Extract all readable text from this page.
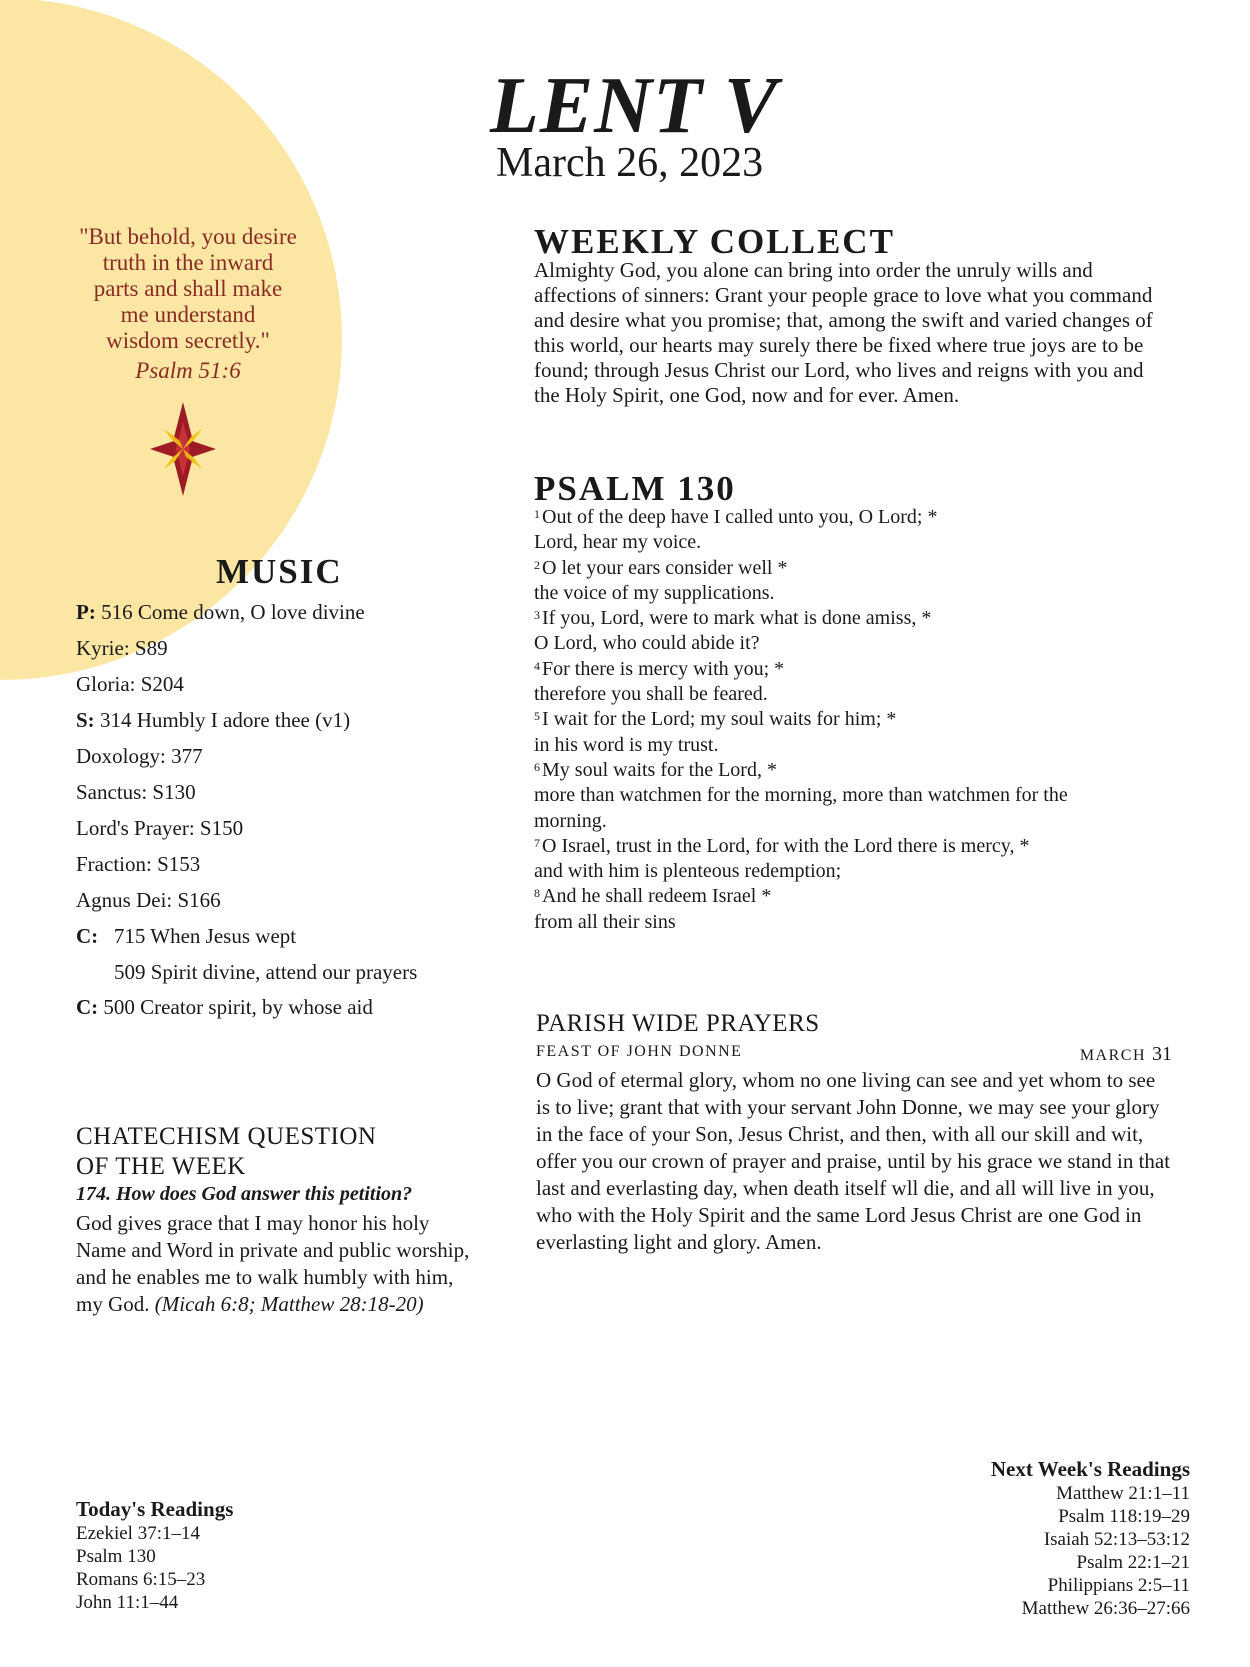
LENT V
March 26, 2023
"But behold, you desire
truth in the inward
parts and shall make
me understand
wisdom secretly."
Psalm 51:6
MUSIC
P: 516 Come down, O love divine
Kyrie: S89
Gloria: S204
S: 314 Humbly I adore thee (v1)
Doxology: 377
Sanctus: S130
Lord's Prayer: S150
Fraction: S153
Agnus Dei: S166
C: 715 When Jesus wept
509 Spirit divine, attend our prayers
C: 500 Creator spirit, by whose aid
WEEKLY COLLECT
Almighty God, you alone can bring into order the unruly wills and
affections of sinners: Grant your people grace to love what you command
and desire what you promise; that, among the swift and varied changes of
this world, our hearts may surely there be fixed where true joys are to be
found; through Jesus Christ our Lord, who lives and reigns with you and
the Holy Spirit, one God, now and for ever. Amen.
PSALM 130
$^1$ Out of the deep have I called unto you, O Lord; *
Lord, hear my voice.
$^2$ O let your ears consider well *
the voice of my supplications.
$^3$ If you, Lord, were to mark what is done amiss, *
O Lord, who could abide it?
$^4$ For there is mercy with you; *
therefore you shall be feared.
$^5$ I wait for the Lord; my soul waits for him; *
in his word is my trust.
$^6$ My soul waits for the Lord, *
more than watchmen for the morning, more than watchmen for the
morning.
$^7$ O Israel, trust in the Lord, for with the Lord there is mercy, *
and with him is plenteous redemption;
$^8$ And he shall redeem Israel *
from all their sins
CHATECHISM QUESTION
OF THE WEEK
174. How does God answer this petition?
God gives grace that I may honor his holy
Name and Word in private and public worship,
and he enables me to walk humbly with him,
my God. (Micah 6:8; Matthew 28:18-20)
PARISH WIDE PRAYERS
FEAST OF JOHN DONNE	MARCH 31
O God of etermal glory, whom no one living can see and yet whom to see
is to live; grant that with your servant John Donne, we may see your glory
in the face of your Son, Jesus Christ, and then, with all our skill and wit,
offer you our crown of prayer and praise, until by his grace we stand in that
last and everlasting day, when death itself wll die, and all will live in you,
who with the Holy Spirit and the same Lord Jesus Christ are one God in
everlasting light and glory. Amen.
Today's Readings
Ezekiel 37:1–14
Psalm 130
Romans 6:15–23
John 11:1–44
Next Week's Readings
Matthew 21:1–11
Psalm 118:19–29
Isaiah 52:13–53:12
Psalm 22:1–21
Philippians 2:5–11
Matthew 26:36–27:66
